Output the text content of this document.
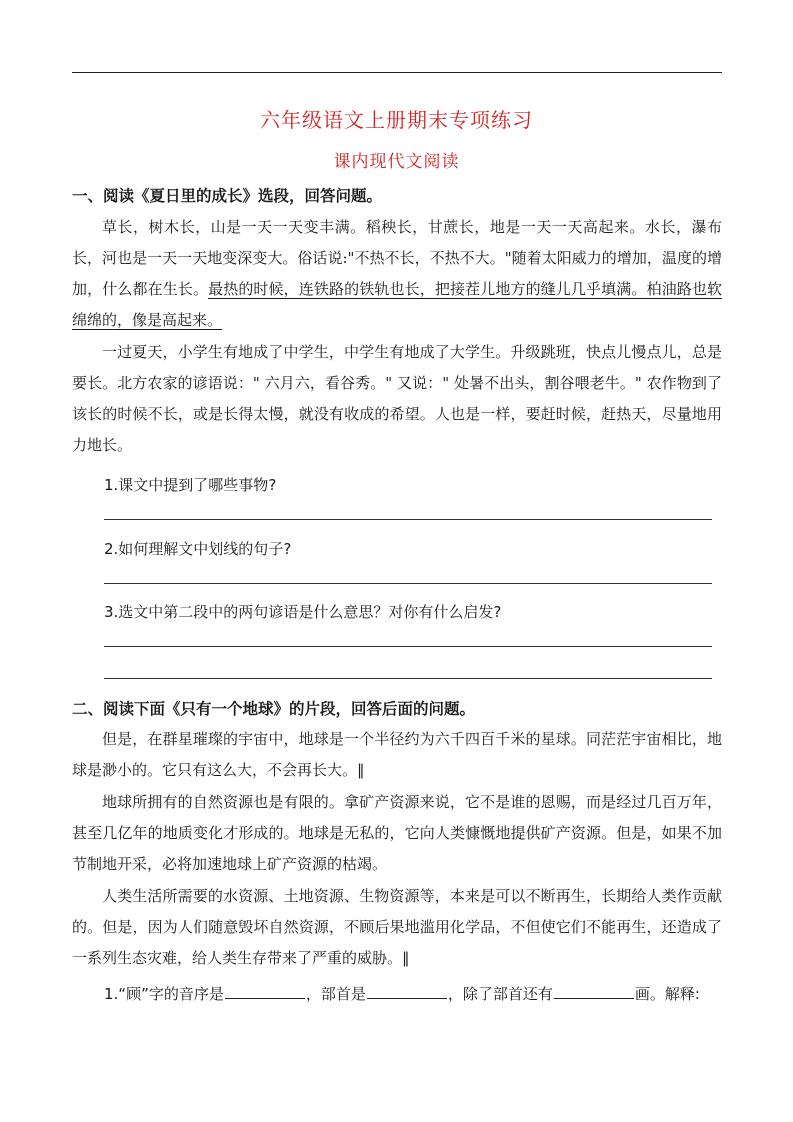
六年级语文上册期末专项练习
课内现代文阅读
一、阅读《夏日里的成长》选段，回答问题。

草长，树木长，山是一天一天变丰满。稻秧长，甘蔗长，地是一天一天高起来。水长，瀑布长，河也是一天一天地变深变大。俗话说:"不热不长，不热不大。"随着太阳威力的增加，温度的增加，什么都在生长。最热的时候，连铁路的铁轨也长，把接茬儿地方的缝儿几乎填满。柏油路也软绵绵的，像是高起来。

一过夏天，小学生有地成了中学生，中学生有地成了大学生。升级跳班，快点儿慢点儿，总是要长。北方农家的谚语说：" 六月六，看谷秀。" 又说：" 处暑不出头，割谷喂老牛。" 农作物到了该长的时候不长，或是长得太慢，就没有收成的希望。人也是一样，要赶时候，赶热天，尽量地用力地长。

1.课文中提到了哪些事物?
2.如何理解文中划线的句子?
3.选文中第二段中的两句谚语是什么意思？对你有什么启发?
二、阅读下面《只有一个地球》的片段，回答后面的问题。

但是，在群星璀璨的宇宙中，地球是一个半径约为六千四百千米的星球。同茫茫宇宙相比，地球是渺小的。它只有这么大，不会再长大。‖

地球所拥有的自然资源也是有限的。拿矿产资源来说，它不是谁的恩赐，而是经过几百万年，甚至几亿年的地质变化才形成的。地球是无私的，它向人类慷慨地提供矿产资源。但是，如果不加节制地开采，必将加速地球上矿产资源的枯竭。

人类生活所需要的水资源、土地资源、生物资源等，本来是可以不断再生，长期给人类作贡献的。但是，因为人们随意毁坏自然资源，不顾后果地滥用化学品，不但使它们不能再生，还造成了一系列生态灾难，给人类生存带来了严重的威胁。‖

1.“顾”字的音序是	，部首是	，除了部首还有	画。解释:
